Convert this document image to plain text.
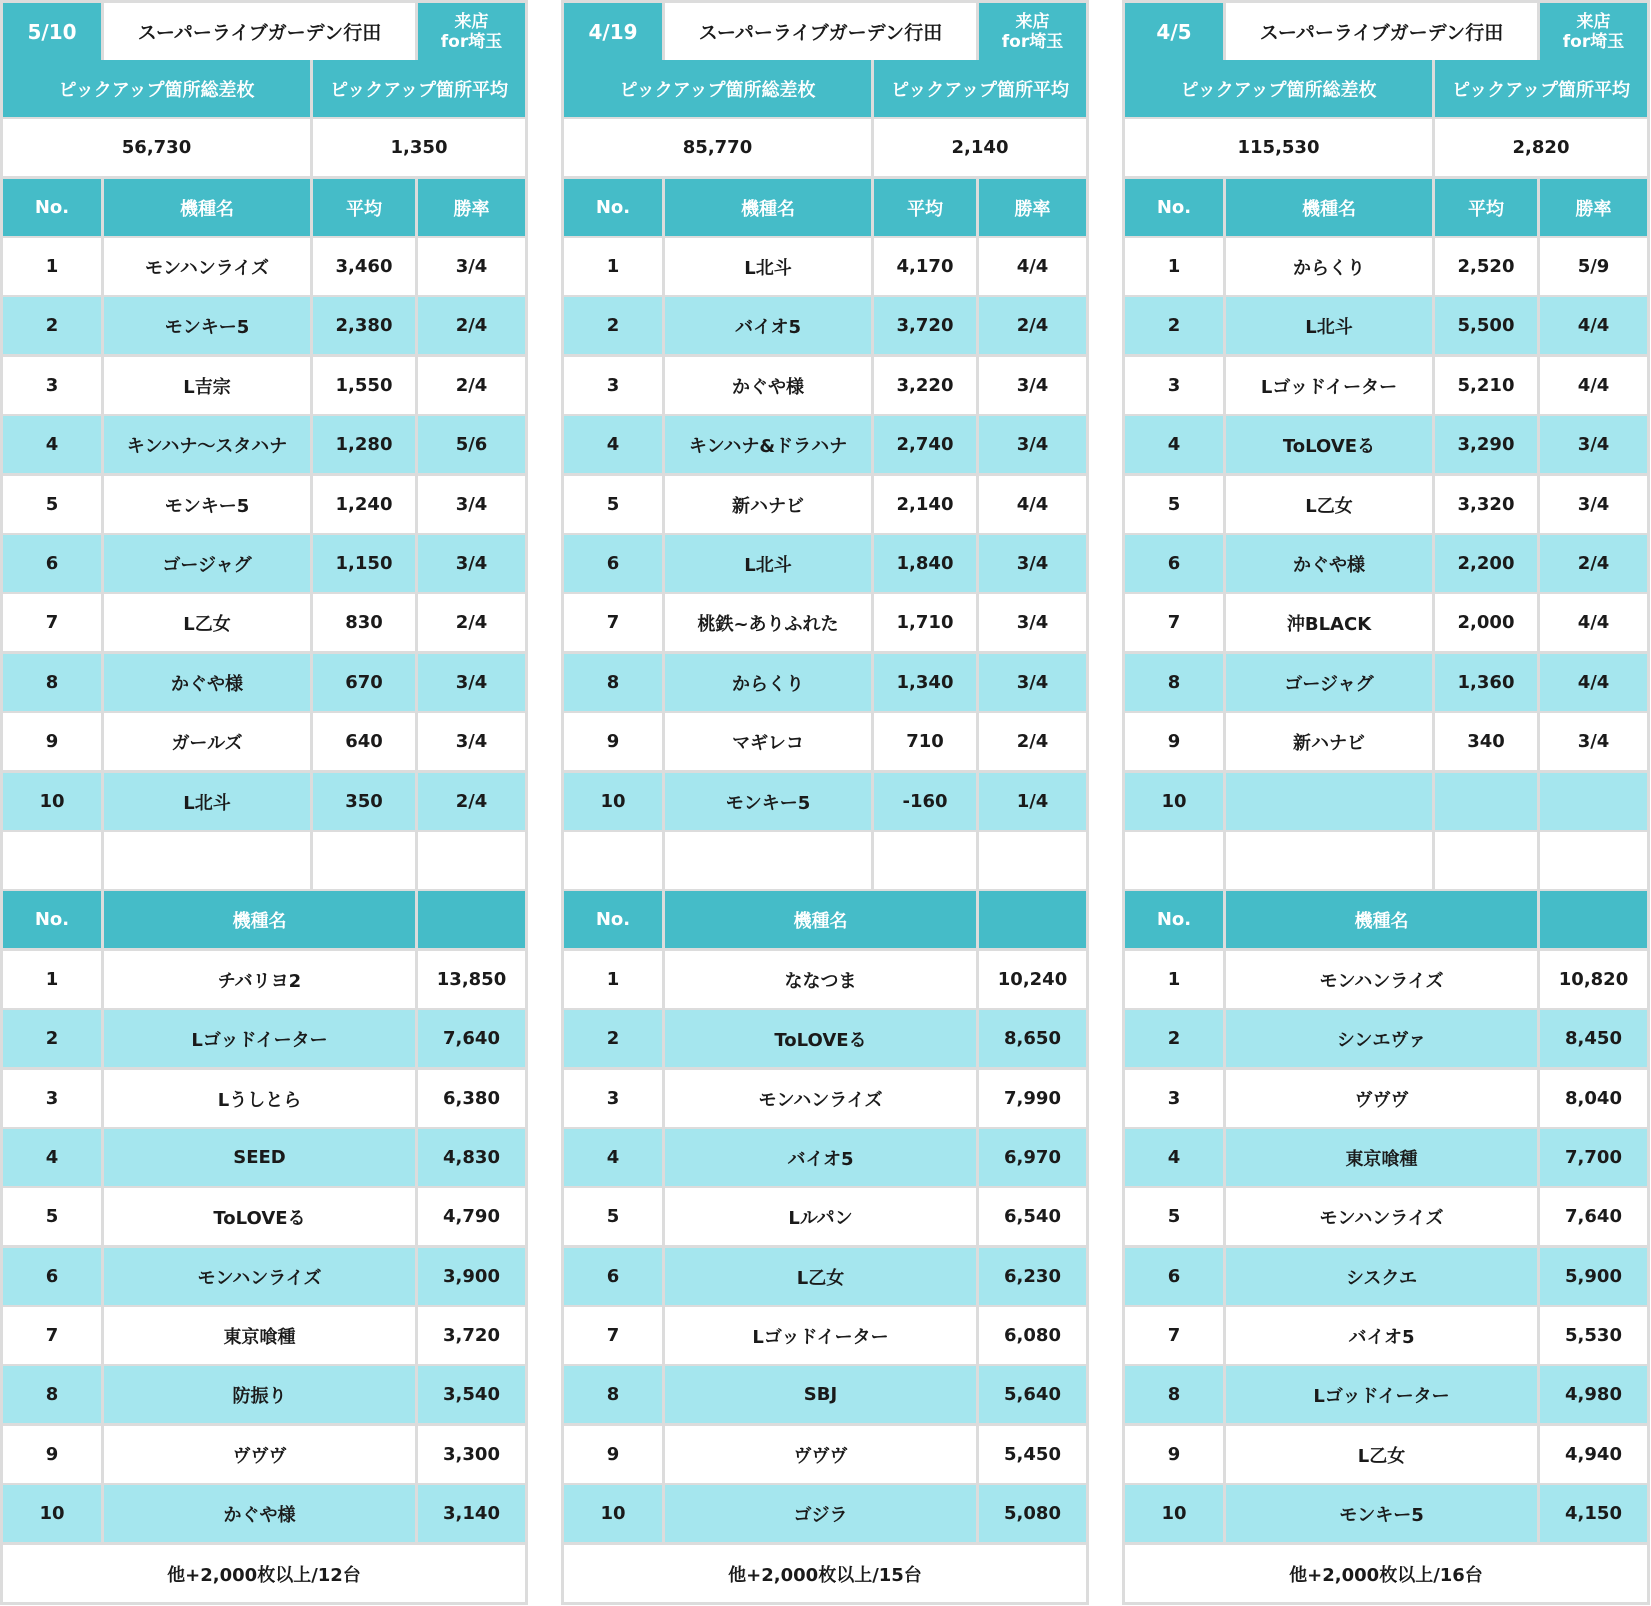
5/10	スーパーライブガーデン行田
来店
for埼玉
ピックアップ箇所総差枚	ピックアップ箇所平均
56,730	1,350
No.	機種名	平均	勝率
1	モンハンライズ	3,460	3/4
2	モンキー5	2,380	2/4
3	L吉宗	1,550	2/4
4	キンハナ～スタハナ	1,280	5/6
5	モンキー5	1,240	3/4
6	ゴージャグ	1,150	3/4
7	L乙女	830	2/4
8	かぐや様	670	3/4
9	ガールズ	640	3/4
10	L北斗	350	2/4
No.	機種名
1	チバリヨ2	13,850
2	Lゴッドイーター	7,640
3	Lうしとら	6,380
4	SEED	4,830
5	ToLOVEる	4,790
6	モンハンライズ	3,900
7	東京喰種	3,720
8	防振り	3,540
9	ヴヴヴ	3,300
10	かぐや様	3,140
他+2,000枚以上/12台
4/19	スーパーライブガーデン行田
来店
for埼玉
ピックアップ箇所総差枚	ピックアップ箇所平均
85,770	2,140
No.	機種名	平均	勝率
1	L北斗	4,170	4/4
2	バイオ5	3,720	2/4
3	かぐや様	3,220	3/4
4	キンハナ&ドラハナ	2,740	3/4
5	新ハナビ	2,140	4/4
6	L北斗	1,840	3/4
7	桃鉄~ありふれた	1,710	3/4
8	からくり	1,340	3/4
9	マギレコ	710	2/4
10	モンキー5	-160	1/4
No.	機種名
1	ななつま	10,240
2	ToLOVEる	8,650
3	モンハンライズ	7,990
4	バイオ5	6,970
5	Lルパン	6,540
6	L乙女	6,230
7	Lゴッドイーター	6,080
8	SBJ	5,640
9	ヴヴヴ	5,450
10	ゴジラ	5,080
他+2,000枚以上/15台
4/5	スーパーライブガーデン行田
来店
for埼玉
ピックアップ箇所総差枚	ピックアップ箇所平均
115,530	2,820
No.	機種名	平均	勝率
1	からくり	2,520	5/9
2	L北斗	5,500	4/4
3	Lゴッドイーター	5,210	4/4
4	ToLOVEる	3,290	3/4
5	L乙女	3,320	3/4
6	かぐや様	2,200	2/4
7	沖BLACK	2,000	4/4
8	ゴージャグ	1,360	4/4
9	新ハナビ	340	3/4
10
No.	機種名
1	モンハンライズ	10,820
2	シンエヴァ	8,450
3	ヴヴヴ	8,040
4	東京喰種	7,700
5	モンハンライズ	7,640
6	シスクエ	5,900
7	バイオ5	5,530
8	Lゴッドイーター	4,980
9	L乙女	4,940
10	モンキー5	4,150
他+2,000枚以上/16台
